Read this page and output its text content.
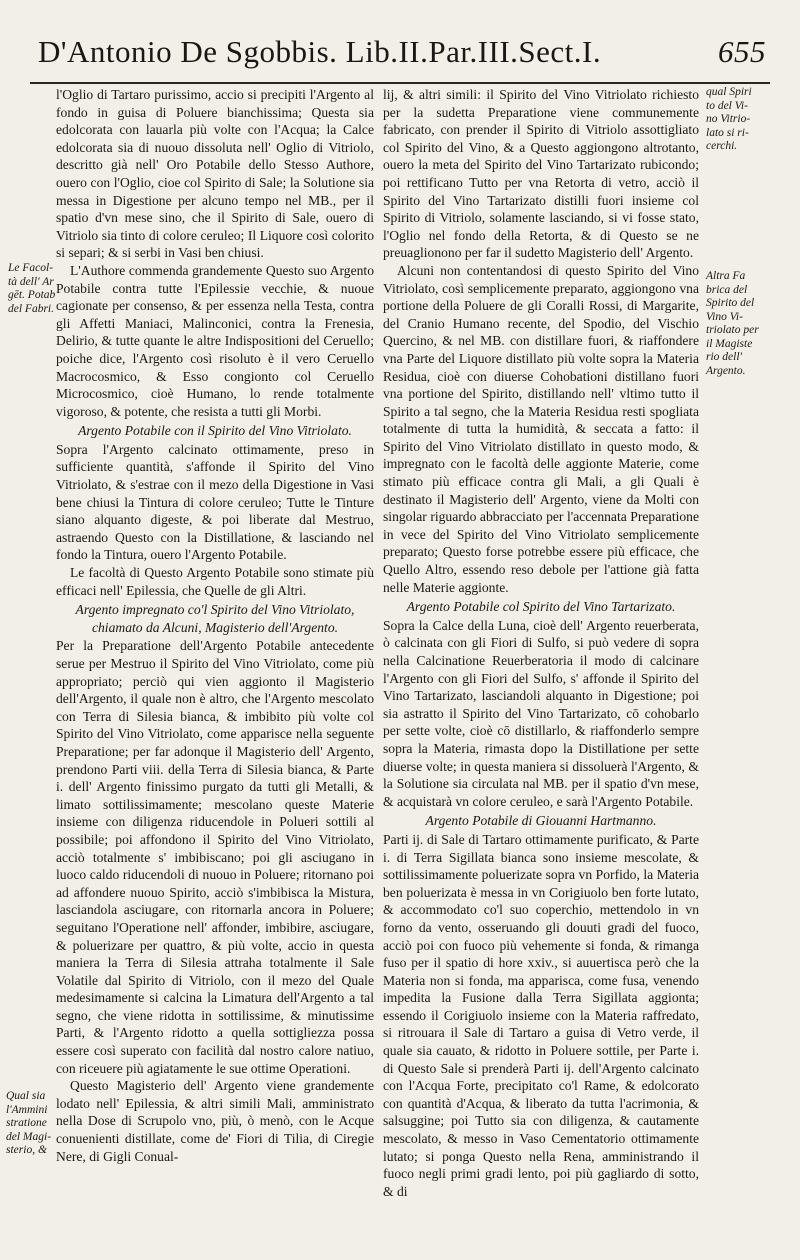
D'Antonio De Sgobbis. Lib.II.Par.III.Sect.I.	655

l'Oglio di Tartaro purissimo, accio si precipiti l'Argento al fondo in guisa di Poluere bianchissima; Questa sia edolcorata con lauarla più volte con l'Acqua; la Calce edolcorata sia di nuouo dissoluta nell' Oglio di Vitriolo, descritto già nell' Oro Potabile dello Stesso Authore, ouero con l'Oglio, cioe col Spirito di Sale; la Solutione sia messa in Digestione per alcuno tempo nel MB., per il spatio d'vn mese sino, che il Spirito di Sale, ouero di Vitriolo sia tinto di colore ceruleo; Il Liquore così colorito si separi; & si serbi in Vasi ben chiusi.

L'Authore commenda grandemente Questo suo Argento Potabile contra tutte l'Epilessie vecchie, & nuoue cagionate per consenso, & per essenza nella Testa, contra gli Affetti Maniaci, Malinconici, contra la Frenesia, Delirio, & tutte quante le altre Indispositioni del Ceruello; poiche dice, l'Argento così risoluto è il vero Ceruello Macrocosmico, & Esso congionto col Ceruello Microcosmico, cioè Humano, lo rende totalmente vigoroso, & potente, che resista a tutti gli Morbi.

Argento Potabile con il Spirito del Vino Vitriolato.

Sopra l'Argento calcinato ottimamente, preso in sufficiente quantità, s'affonde il Spirito del Vino Vitriolato, & s'estrae con il mezo della Digestione in Vasi bene chiusi la Tintura di colore ceruleo; Tutte le Tinture siano alquanto digeste, & poi liberate dal Mestruo, astraendo Questo con la Distillatione, & lasciando nel fondo la Tintura, ouero l'Argento Potabile.

Le facoltà di Questo Argento Potabile sono stimate più efficaci nell' Epilessia, che Quelle de gli Altri.

Argento impregnato co'l Spirito del Vino Vitriolato, chiamato da Alcuni, Magisterio dell'Argento.

Per la Preparatione dell'Argento Potabile antecedente serue per Mestruo il Spirito del Vino Vitriolato, come più appropriato; perciò qui vien aggionto il Magisterio dell'Argento, il quale non è altro, che l'Argento mescolato con Terra di Silesia bianca, & imbibito più volte col Spirito del Vino Vitriolato, come apparisce nella seguente Preparatione; per far adonque il Magisterio dell' Argento, prendono Parti viii. della Terra di Silesia bianca, & Parte i. dell' Argento finissimo purgato da tutti gli Metalli, & limato sottilissimamente; mescolano queste Materie insieme con diligenza riducendole in Polueri sottili al possibile; poi affondono il Spirito del Vino Vitriolato, acciò totalmente s' imbibiscano; poi gli asciugano in luoco caldo riducendoli di nuouo in Poluere; ritornano poi ad affondere nuouo Spirito, acciò s'imbibisca la Mistura, lasciandola asciugare, con ritornarla ancora in Poluere; seguitano l'Operatione nell' affonder, imbibire, asciugare, & poluerizare per quattro, & più volte, accio in questa maniera la Terra di Silesia attraha totalmente il Sale Volatile dal Spirito di Vitriolo, con il mezo del Quale medesimamente si calcina la Limatura dell'Argento a tal segno, che viene ridotta in sottilissime, & minutissime Parti, & l'Argento ridotto a quella sottigliezza possa essere così superato con facilità dal nostro calore natiuo, con riceuere più agiatamente le sue ottime Operationi.

Questo Magisterio dell' Argento viene grandemente lodato nell' Epilessia, & altri simili Mali, amministrato nella Dose di Scrupolo vno, più, ò menò, con le Acque conuenienti distillate, come de' Fiori di Tilia, di Ciregie Nere, di Gigli Conual-

lij, & altri simili: il Spirito del Vino Vitriolato richiesto per la sudetta Preparatione viene communemente fabricato, con prender il Spirito di Vitriolo assottigliato col Spirito del Vino, & a Questo aggiongono altrotanto, ouero la meta del Spirito del Vino Tartarizato rubicondo; poi rettificano Tutto per vna Retorta di vetro, acciò il Spirito del Vino Tartarizato distilli fuori insieme col Spirito di Vitriolo, solamente lasciando, si vi fosse stato, l'Oglio nel fondo della Retorta, & di Questo se ne preuaglionono per far il sudetto Magisterio dell' Argento.

Alcuni non contentandosi di questo Spirito del Vino Vitriolato, così semplicemente preparato, aggiongono vna portione della Poluere de gli Coralli Rossi, di Margarite, del Cranio Humano recente, del Spodio, del Vischio Quercino, & nel MB. con distillare fuori, & riaffondere vna Parte del Liquore distillato più volte sopra la Materia Residua, cioè con diuerse Cohobationi distillano fuori vna portione del Spirito, distillando nell' vltimo tutto il Spirito a tal segno, che la Materia Residua resti spogliata totalmente di tutta la humidità, & seccata a fatto: il Spirito del Vino Vitriolato distillato in questo modo, & impregnato con le facoltà delle aggionte Materie, come stimato più efficace contra gli Mali, a gli Quali è destinato il Magisterio dell' Argento, viene da Molti con singolar riguardo abbracciato per l'accennata Preparatione in vece del Spirito del Vino Vitriolato semplicemente preparato; Questo forse potrebbe essere più efficace, che Quello Altro, essendo reso debole per l'attione già fatta nelle Materie aggionte.

Argento Potabile col Spirito del Vino Tartarizato.

Sopra la Calce della Luna, cioè dell' Argento reuerberata, ò calcinata con gli Fiori di Sulfo, si può vedere di sopra nella Calcinatione Reuerberatoria il modo di calcinare l'Argento con gli Fiori del Sulfo, s' affonde il Spirito del Vino Tartarizato, lasciandoli alquanto in Digestione; poi sia astratto il Spirito del Vino Tartarizato, cō cohobarlo per sette volte, cioè cō distillarlo, & riaffonderlo sempre sopra la Materia, rimasta dopo la Distillatione per sette diuerse volte; in questa maniera si dissoluerà l'Argento, & la Solutione sia circulata nal MB. per il spatio d'vn mese, & acquistarà vn colore ceruleo, e sarà l'Argento Potabile.

Argento Potabile di Giouanni Hartmanno.

Parti ij. di Sale di Tartaro ottimamente purificato, & Parte i. di Terra Sigillata bianca sono insieme mescolate, & sottilissimamente poluerizate sopra vn Porfido, la Materia ben poluerizata è messa in vn Corigiuolo ben forte lutato, & accommodato co'l suo coperchio, mettendolo in vn forno da vento, osseruando gli douuti gradi del fuoco, acciò poi con fuoco più vehemente si fonda, & rimanga fuso per il spatio di hore xxiv., si auuertisca però che la Materia non si fonda, ma apparisca, come fusa, venendo impedita la Fusione dalla Terra Sigillata aggionta; essendo il Corigiuolo insieme con la Materia raffredato, si ritrouara il Sale di Tartaro a guisa di Vetro verde, il quale sia cauato, & ridotto in Poluere sottile, per Parte i. di Questo Sale si prenderà Parti ij. dell'Argento calcinato con l'Acqua Forte, precipitato co'l Rame, & edolcorato con quantità d'Acqua, & liberato da tutta l'acrimonia, & salsuggine; poi Tutto sia con diligenza, & cautamente mescolato, & messo in Vaso Cementatorio ottimamente lutato; si ponga Questo nella Rena, amministrando il fuoco negli primi gradi lento, poi più gagliardo di sotto, & di

Le Facol-
tà dell' Ar
gēt. Potab
del Fabri.
Qual sia
l'Ammini
stratione
del Magi-
sterio, &
qual Spiri
to del Vi-
no Vitrio-
lato si ri-
cerchi.
Altra Fa
brica del
Spirito del
Vino Vi-
triolato per
il Magiste
rio dell'
Argento.
